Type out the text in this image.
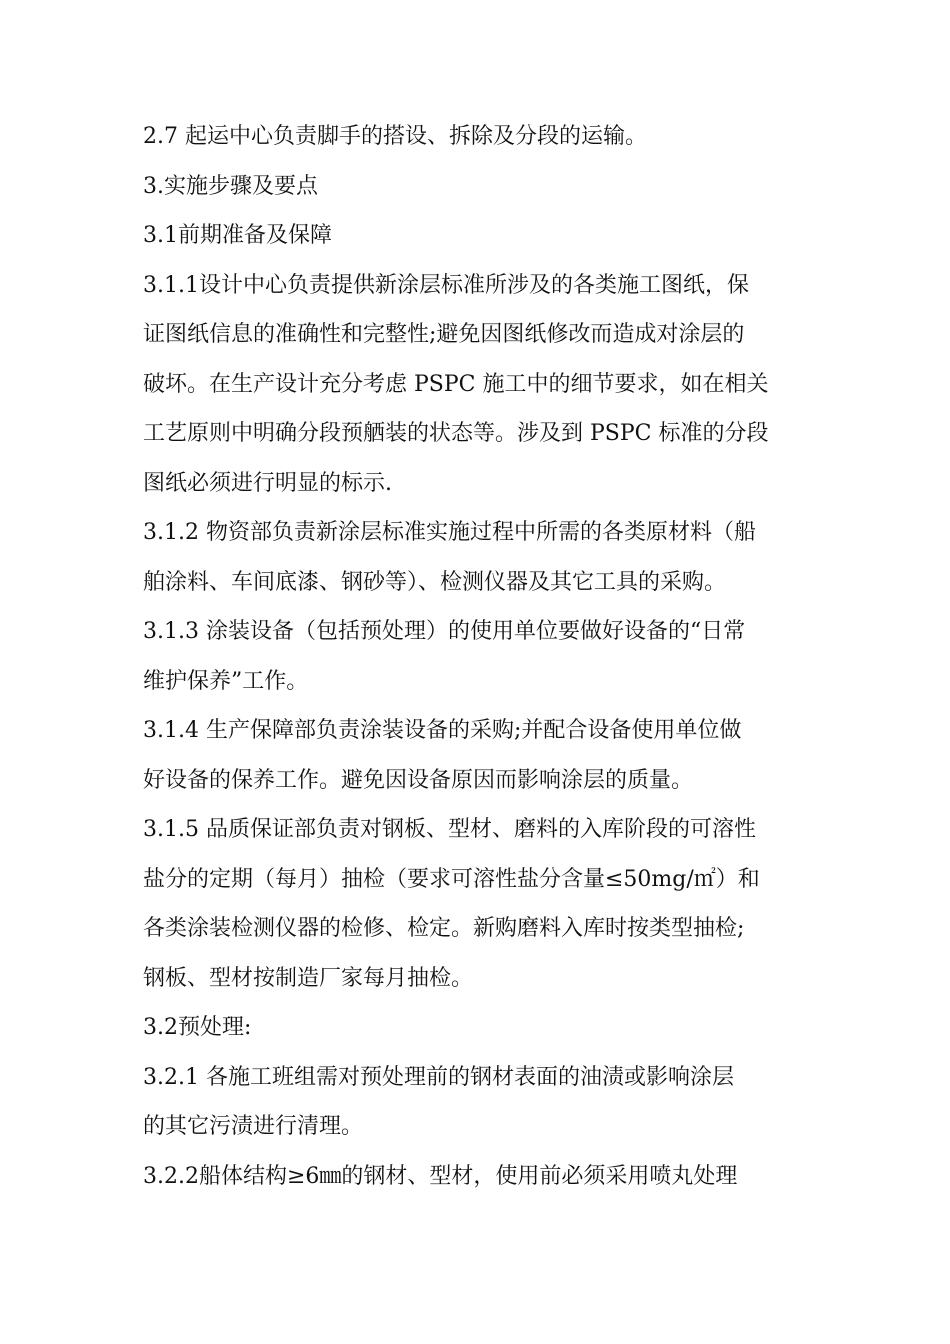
2.7 起运中心负责脚手的搭设、拆除及分段的运输。
3.实施步骤及要点
3.1前期准备及保障
3.1.1设计中心负责提供新涂层标准所涉及的各类施工图纸，保
证图纸信息的准确性和完整性;避免因图纸修改而造成对涂层的
破坏。在生产设计充分考虑 PSPC 施工中的细节要求，如在相关
工艺原则中明确分段预舾装的状态等。涉及到 PSPC 标准的分段
图纸必须进行明显的标示.
3.1.2 物资部负责新涂层标准实施过程中所需的各类原材料（船
舶涂料、车间底漆、钢砂等）、检测仪器及其它工具的采购。
3.1.3 涂装设备（包括预处理）的使用单位要做好设备的“日常
维护保养”工作。
3.1.4 生产保障部负责涂装设备的采购;并配合设备使用单位做
好设备的保养工作。避免因设备原因而影响涂层的质量。
3.1.5 品质保证部负责对钢板、型材、磨料的入库阶段的可溶性
盐分的定期（每月）抽检（要求可溶性盐分含量≤50mg/㎡）和
各类涂装检测仪器的检修、检定。新购磨料入库时按类型抽检;
钢板、型材按制造厂家每月抽检。
3.2预处理:
3.2.1 各施工班组需对预处理前的钢材表面的油渍或影响涂层
的其它污渍进行清理。
3.2.2船体结构≥6㎜的钢材、型材，使用前必须采用喷丸处理
